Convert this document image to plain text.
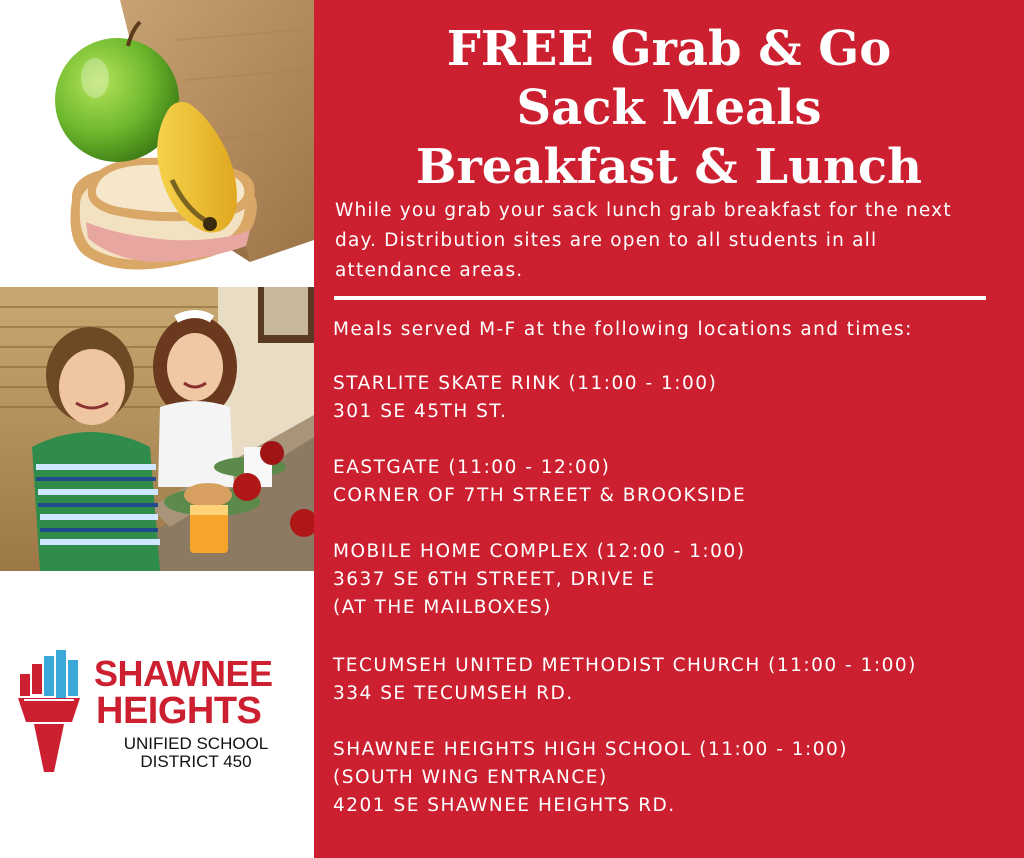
SHAWNEE
HEIGHTS
UNIFIED SCHOOL
DISTRICT 450
FREE Grab & Go
Sack Meals
Breakfast & Lunch

While you grab your sack lunch grab breakfast for the next day. Distribution sites are open to all students in all attendance areas.

Meals served M-F at the following locations and times:

STARLITE SKATE RINK (11:00 - 1:00)
301 SE 45TH ST.
EASTGATE (11:00 - 12:00)
CORNER OF 7TH STREET & BROOKSIDE
MOBILE HOME COMPLEX (12:00 - 1:00)
3637 SE 6TH STREET, DRIVE E
(AT THE MAILBOXES)
TECUMSEH UNITED METHODIST CHURCH (11:00 - 1:00)
334 SE TECUMSEH RD.
SHAWNEE HEIGHTS HIGH SCHOOL (11:00 - 1:00)
(SOUTH WING ENTRANCE)
4201 SE SHAWNEE HEIGHTS RD.
